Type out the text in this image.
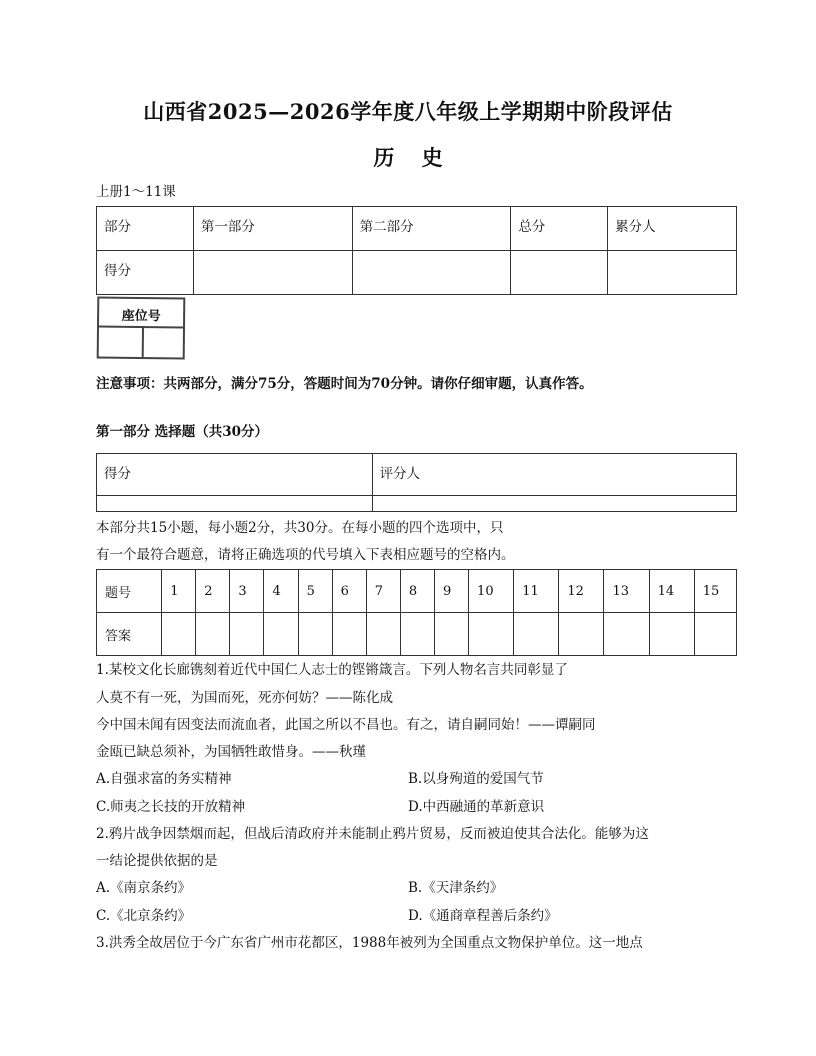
山西省2025—2026学年度八年级上学期期中阶段评估
历 史
上册1～11课
部分	第一部分	第二部分	总分	累分人
得分				
座位号
注意事项：共两部分，满分75分，答题时间为70分钟。请你仔细审题，认真作答。
第一部分 选择题（共30分）
得分	评分人

本部分共15小题，每小题2分，共30分。在每小题的四个选项中，只
有一个最符合题意，请将正确选项的代号填入下表相应题号的空格内。
题号	1	2	3	4	5	6	7	8	9	10	11	12	13	14	15
答案															
1.某校文化长廊镌刻着近代中国仁人志士的铿锵箴言。下列人物名言共同彰显了
人莫不有一死，为国而死，死亦何妨？——陈化成
今中国未闻有因变法而流血者，此国之所以不昌也。有之，请自嗣同始！——谭嗣同
金瓯已缺总须补，为国牺牲敢惜身。——秋瑾
A.自强求富的务实精神	B.以身殉道的爱国气节
C.师夷之长技的开放精神	D.中西融通的革新意识
2.鸦片战争因禁烟而起，但战后清政府并未能制止鸦片贸易，反而被迫使其合法化。能够为这
一结论提供依据的是
A.《南京条约》	B.《天津条约》
C.《北京条约》	D.《通商章程善后条约》
3.洪秀全故居位于今广东省广州市花都区，1988年被列为全国重点文物保护单位。这一地点
